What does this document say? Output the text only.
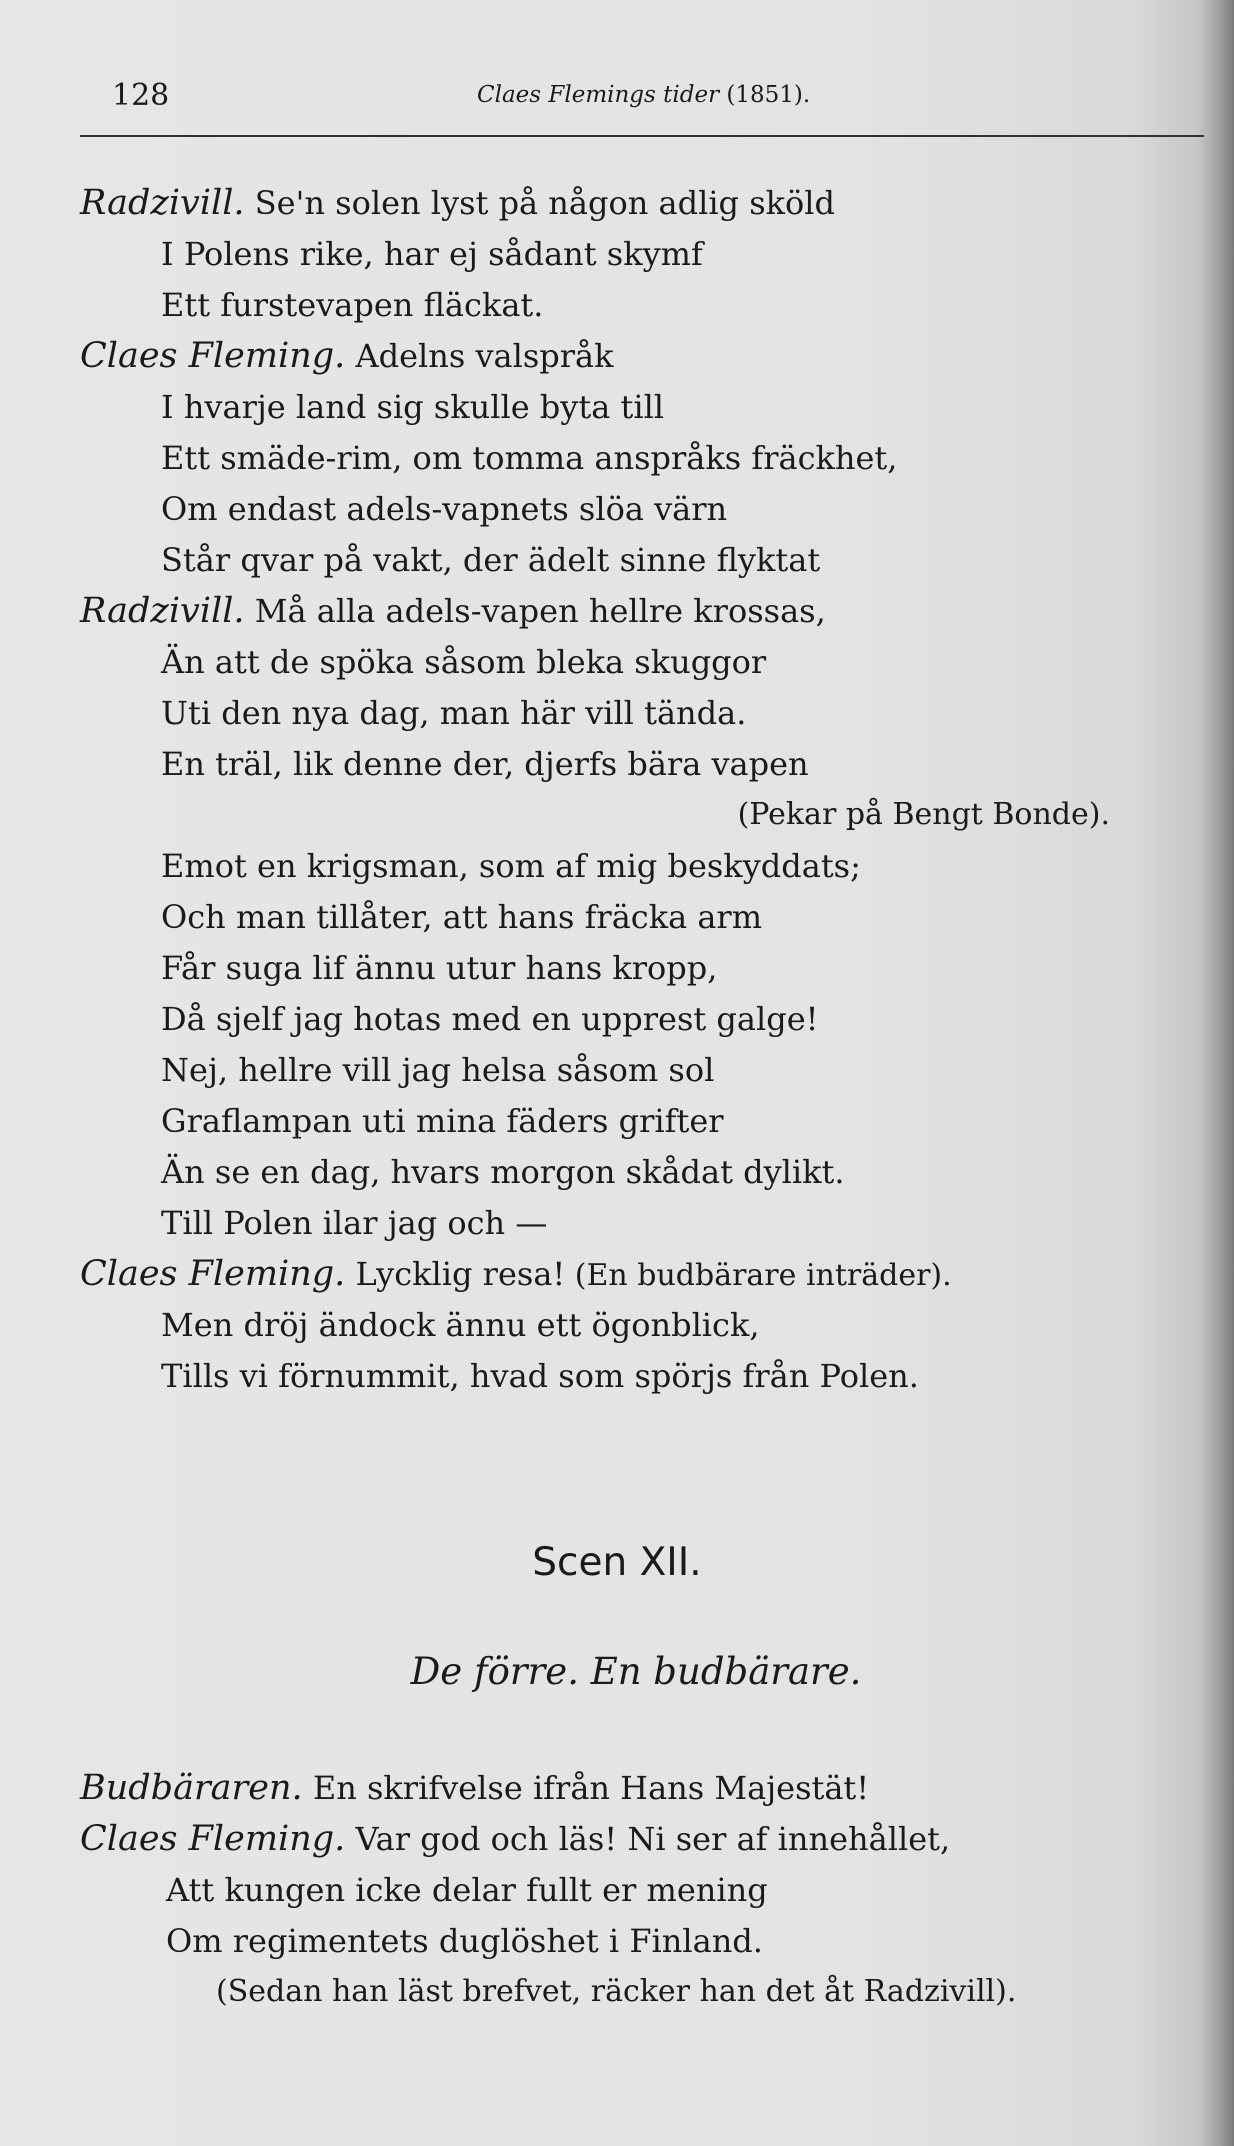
128	Claes Flemings tider (1851).
Radzivill. Se'n solen lyst på någon adlig sköld
I Polens rike, har ej sådant skymf
Ett furstevapen fläckat.
Claes Fleming. Adelns valspråk
I hvarje land sig skulle byta till
Ett smäde-rim, om tomma anspråks fräckhet,
Om endast adels-vapnets slöa värn
Står qvar på vakt, der ädelt sinne flyktat
Radzivill. Må alla adels-vapen hellre krossas,
Än att de spöka såsom bleka skuggor
Uti den nya dag, man här vill tända.
En träl, lik denne der, djerfs bära vapen
(Pekar på Bengt Bonde).
Emot en krigsman, som af mig beskyddats;
Och man tillåter, att hans fräcka arm
Får suga lif ännu utur hans kropp,
Då sjelf jag hotas med en upprest galge!
Nej, hellre vill jag helsa såsom sol
Graflampan uti mina fäders grifter
Än se en dag, hvars morgon skådat dylikt.
Till Polen ilar jag och —
Claes Fleming. Lycklig resa! (En budbärare inträder).
Men dröj ändock ännu ett ögonblick,
Tills vi förnummit, hvad som spörjs från Polen.
Scen XII.
De förre. En budbärare.
Budbäraren. En skrifvelse ifrån Hans Majestät!
Claes Fleming. Var god och läs! Ni ser af innehållet,
Att kungen icke delar fullt er mening
Om regimentets duglöshet i Finland.
(Sedan han läst brefvet, räcker han det åt Radzivill).
